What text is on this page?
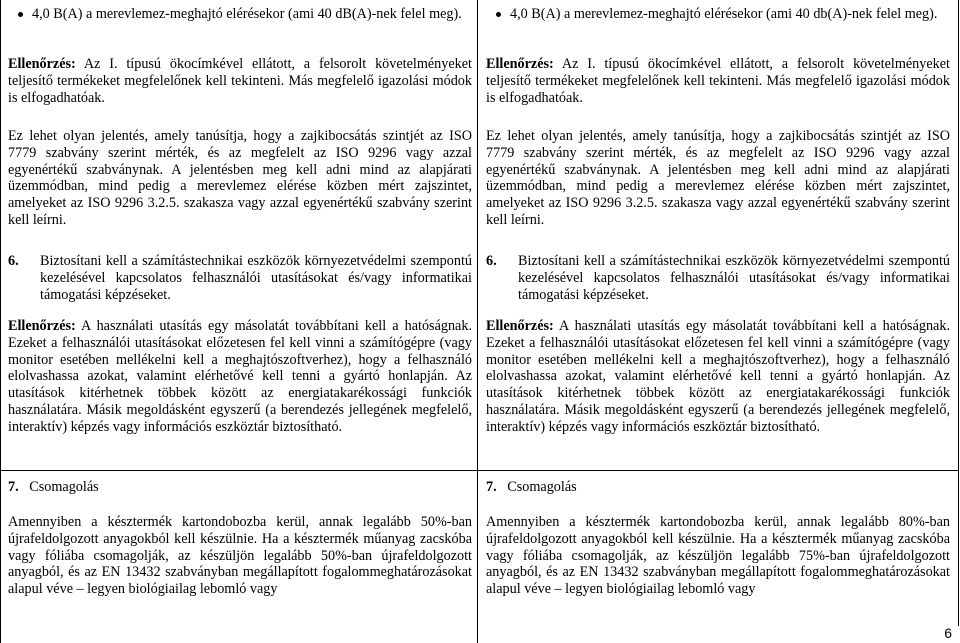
4,0 B(A) a merevlemez-meghajtó elérésekor (ami 40 dB(A)-nek felel meg).

Ellenőrzés: Az I. típusú ökocímkével ellátott, a felsorolt követelményeket teljesítő termékeket megfelelőnek kell tekinteni. Más megfelelő igazolási módok is elfogadhatóak.

Ez lehet olyan jelentés, amely tanúsítja, hogy a zajkibocsátás szintjét az ISO 7779 szabvány szerint mérték, és az megfelelt az ISO 9296 vagy azzal egyenértékű szabványnak. A jelentésben meg kell adni mind az alapjárati üzemmódban, mind pedig a merevlemez elérése közben mért zajszintet, amelyeket az ISO 9296 3.2.5. szakasza vagy azzal egyenértékű szabvány szerint kell leírni.

6. Biztosítani kell a számítástechnikai eszközök környezetvédelmi szempontú kezelésével kapcsolatos felhasználói utasításokat és/vagy informatikai támogatási képzéseket.

Ellenőrzés: A használati utasítás egy másolatát továbbítani kell a hatóságnak. Ezeket a felhasználói utasításokat előzetesen fel kell vinni a számítógépre (vagy monitor esetében mellékelni kell a meghajtószoftverhez), hogy a felhasználó elolvashassa azokat, valamint elérhetővé kell tenni a gyártó honlapján. Az utasítások kitérhetnek többek között az energiatakarékossági funkciók használatára. Másik megoldásként egyszerű (a berendezés jellegének megfelelő, interaktív) képzés vagy információs eszköztár biztosítható.

7. Csomagolás

Amennyiben a késztermék kartondobozba kerül, annak legalább 50%-ban újrafeldolgozott anyagokból kell készülnie. Ha a késztermék műanyag zacskóba vagy fóliába csomagolják, az készüljön legalább 50%-ban újrafeldolgozott anyagból, és az EN 13432 szabványban megállapított fogalommeghatározásokat alapul véve – legyen biológiailag lebomló vagy

4,0 B(A) a merevlemez-meghajtó elérésekor (ami 40 db(A)-nek felel meg).

Ellenőrzés: Az I. típusú ökocímkével ellátott, a felsorolt követelményeket teljesítő termékeket megfelelőnek kell tekinteni. Más megfelelő igazolási módok is elfogadhatóak.

Ez lehet olyan jelentés, amely tanúsítja, hogy a zajkibocsátás szintjét az ISO 7779 szabvány szerint mérték, és az megfelelt az ISO 9296 vagy azzal egyenértékű szabványnak. A jelentésben meg kell adni mind az alapjárati üzemmódban, mind pedig a merevlemez elérése közben mért zajszintet, amelyeket az ISO 9296 3.2.5. szakasza vagy azzal egyenértékű szabvány szerint kell leírni.

6. Biztosítani kell a számítástechnikai eszközök környezetvédelmi szempontú kezelésével kapcsolatos felhasználói utasításokat és/vagy informatikai támogatási képzéseket.

Ellenőrzés: A használati utasítás egy másolatát továbbítani kell a hatóságnak. Ezeket a felhasználói utasításokat előzetesen fel kell vinni a számítógépre (vagy monitor esetében mellékelni kell a meghajtószoftverhez), hogy a felhasználó elolvashassa azokat, valamint elérhetővé kell tenni a gyártó honlapján. Az utasítások kitérhetnek többek között az energiatakarékossági funkciók használatára. Másik megoldásként egyszerű (a berendezés jellegének megfelelő, interaktív) képzés vagy információs eszköztár biztosítható.

7. Csomagolás

Amennyiben a késztermék kartondobozba kerül, annak legalább 80%-ban újrafeldolgozott anyagokból kell készülnie. Ha a késztermék műanyag zacskóba vagy fóliába csomagolják, az készüljön legalább 75%-ban újrafeldolgozott anyagból, és az EN 13432 szabványban megállapított fogalommeghatározásokat alapul véve – legyen biológiailag lebomló vagy

6
